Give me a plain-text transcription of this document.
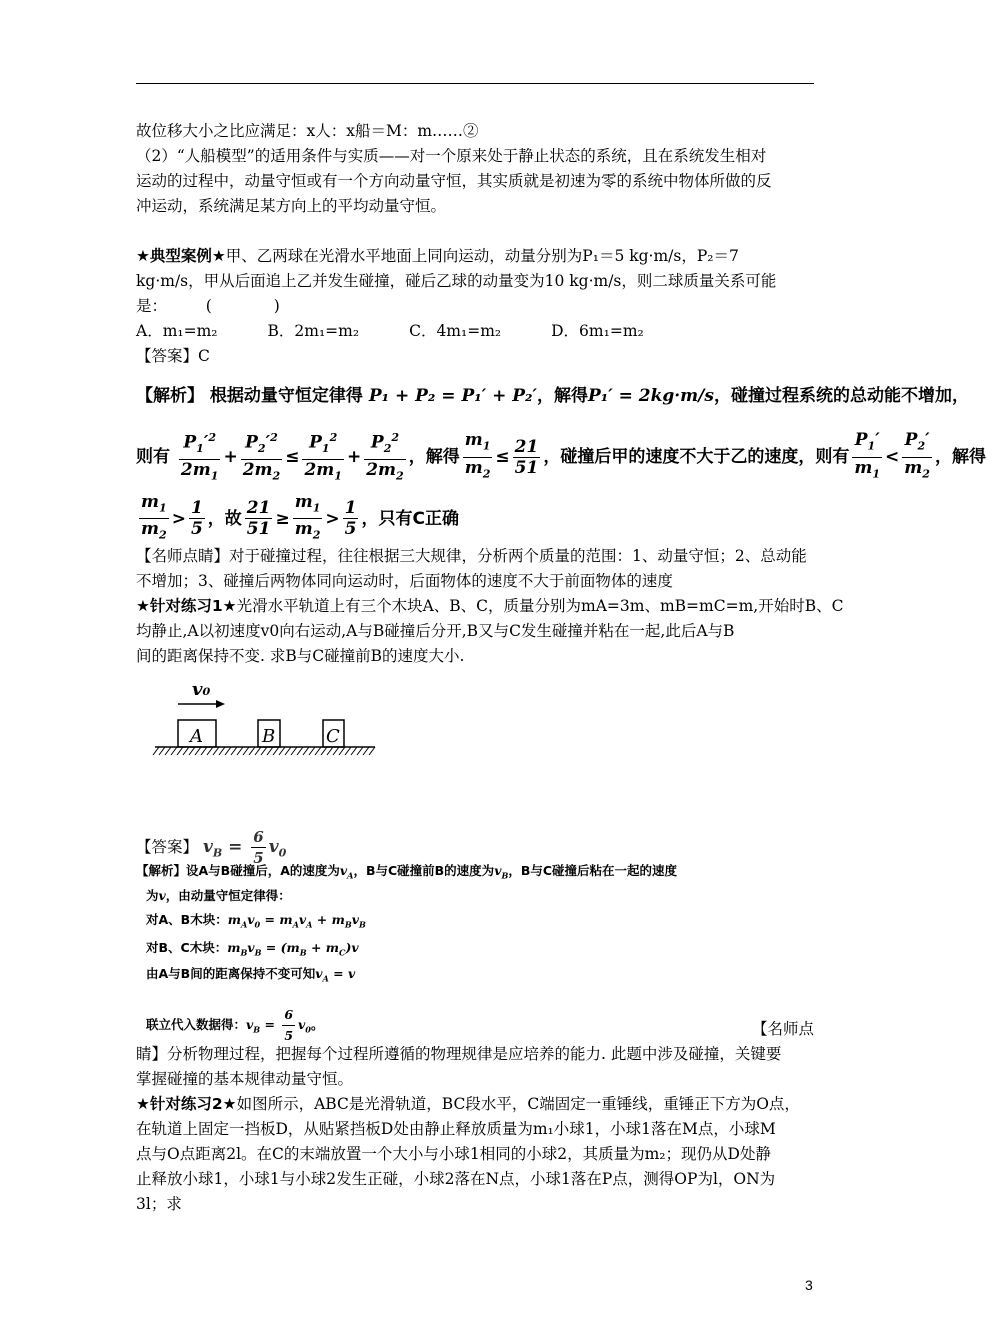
故位移大小之比应满足：x人：x船＝M：m……②
（2）“人船模型”的适用条件与实质——对一个原来处于静止状态的系统，且在系统发生相对
运动的过程中，动量守恒或有一个方向动量守恒，其实质就是初速为零的系统中物体所做的反
冲运动，系统满足某方向上的平均动量守恒。
★典型案例★甲、乙两球在光滑水平地面上同向运动，动量分别为P₁＝5 kg·m/s，P₂＝7
kg·m/s，甲从后面追上乙并发生碰撞，碰后乙球的动量变为10 kg·m/s，则二球质量关系可能
是：　　　(　　　　)
A．m₁=m₂	B．2m₁=m₂	C．4m₁=m₂	D．6m₁=m₂
【答案】C
【解析】 根据动量守恒定律得 P₁ + P₂ = P₁′ + P₂′，解得P₁′ = 2kg·m/s，碰撞过程系统的总动能不增加，
则有 $\frac{P_1'^2}{2m_1} + \frac{P_2'^2}{2m_2} \le \frac{P_1^2}{2m_1} + \frac{P_2^2}{2m_2}$ ，解得 $\frac{m_1}{m_2} \le \frac{21}{51}$ ，碰撞后甲的速度不大于乙的速度，则有 $\frac{P_1'}{m_1} < \frac{P_2'}{m_2}$ ，解得
$\frac{m_1}{m_2} > \frac{1}{5}$ ，故 $\frac{21}{51} \ge \frac{m_1}{m_2} > \frac{1}{5}$ ，只有C正确
【名师点睛】对于碰撞过程，往往根据三大规律，分析两个质量的范围：1、动量守恒；2、总动能
不增加；3、碰撞后两物体同向运动时，后面物体的速度不大于前面物体的速度
★针对练习1★光滑水平轨道上有三个木块A、B、C，质量分别为mA=3m、mB=mC=m,开始时B、C
均静止,A以初速度v0向右运动,A与B碰撞后分开,B又与C发生碰撞并粘在一起,此后A与B
间的距离保持不变. 求B与C碰撞前B的速度大小.
v₀
A	B	C
【答案】 $v_B = \frac{6}{5} v_0$
【解析】设A与B碰撞后，A的速度为$v_A$，B与C碰撞前B的速度为$v_B$，B与C碰撞后粘在一起的速度
为v，由动量守恒定律得：
对A、B木块：$m_Av_0 = m_Av_A + m_Bv_B$
对B、C木块：$m_Bv_B = (m_B + m_C)v$
由A与B间的距离保持不变可知$v_A = v$
联立代入数据得：$v_B = \frac{6}{5} v_0$。	【名师点
睛】分析物理过程，把握每个过程所遵循的物理规律是应培养的能力. 此题中涉及碰撞，关键要
掌握碰撞的基本规律动量守恒。
★针对练习2★如图所示，ABC是光滑轨道，BC段水平，C端固定一重锤线，重锤正下方为O点，
在轨道上固定一挡板D，从贴紧挡板D处由静止释放质量为m₁小球1，小球1落在M点，小球M
点与O点距离2l。在C的末端放置一个大小与小球1相同的小球2，其质量为m₂；现仍从D处静
止释放小球1，小球1与小球2发生正碰，小球2落在N点，小球1落在P点，测得OP为l，ON为
3l；求
3
